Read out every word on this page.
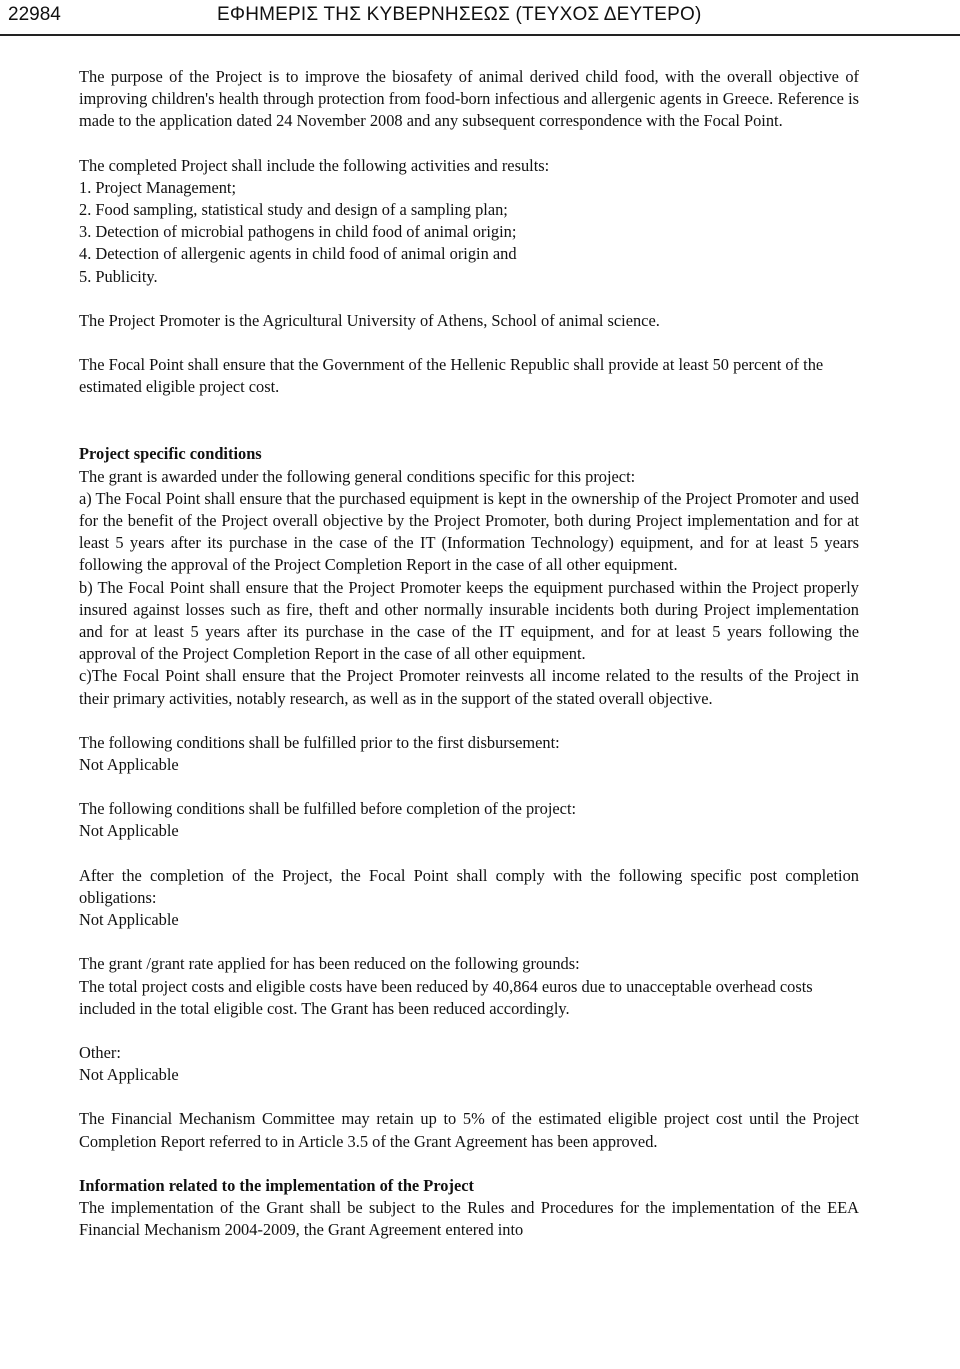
22984	ΕΦΗΜΕΡΙΣ ΤΗΣ ΚΥΒΕΡΝΗΣΕΩΣ (ΤΕΥΧΟΣ ΔΕΥΤΕΡΟ)

The purpose of the Project is to improve the biosafety of animal derived child food, with the overall objective of improving children's health through protection from food-born infectious and allergenic agents in Greece. Reference is made to the application dated 24 November 2008 and any subsequent correspondence with the Focal Point.

The completed Project shall include the following activities and results:

1. Project Management;

2. Food sampling, statistical study and design of a sampling plan;

3. Detection of microbial pathogens in child food of animal origin;

4. Detection of allergenic agents in child food of animal origin and

5. Publicity.

The Project Promoter is the Agricultural University of Athens, School of animal science.

The Focal Point shall ensure that the Government of the Hellenic Republic shall provide at least 50 percent of the estimated eligible project cost.

Project specific conditions

The grant is awarded under the following general conditions specific for this project:

a) The Focal Point shall ensure that the purchased equipment is kept in the ownership of the Project Promoter and used for the benefit of the Project overall objective by the Project Promoter, both during Project implementation and for at least 5 years after its purchase in the case of the IT (Information Technology) equipment, and for at least 5 years following the approval of the Project Completion Report in the case of all other equipment.

b) The Focal Point shall ensure that the Project Promoter keeps the equipment purchased within the Project properly insured against losses such as fire, theft and other normally insurable incidents both during Project implementation and for at least 5 years after its purchase in the case of the IT equipment, and for at least 5 years following the approval of the Project Completion Report in the case of all other equipment.

c)The Focal Point shall ensure that the Project Promoter reinvests all income related to the results of the Project in their primary activities, notably research, as well as in the support of the stated overall objective.

The following conditions shall be fulfilled prior to the first disbursement:

Not Applicable

The following conditions shall be fulfilled before completion of the project:

Not Applicable

After the completion of the Project, the Focal Point shall comply with the following specific post completion obligations:

Not Applicable

The grant /grant rate applied for has been reduced on the following grounds:

The total project costs and eligible costs have been reduced by 40,864 euros due to unacceptable overhead costs included in the total eligible cost. The Grant has been reduced accordingly.

Other:

Not Applicable

The Financial Mechanism Committee may retain up to 5% of the estimated eligible project cost until the Project Completion Report referred to in Article 3.5 of the Grant Agreement has been approved.

Information related to the implementation of the Project

The implementation of the Grant shall be subject to the Rules and Procedures for the implementation of the EEA Financial Mechanism 2004-2009, the Grant Agreement entered into
